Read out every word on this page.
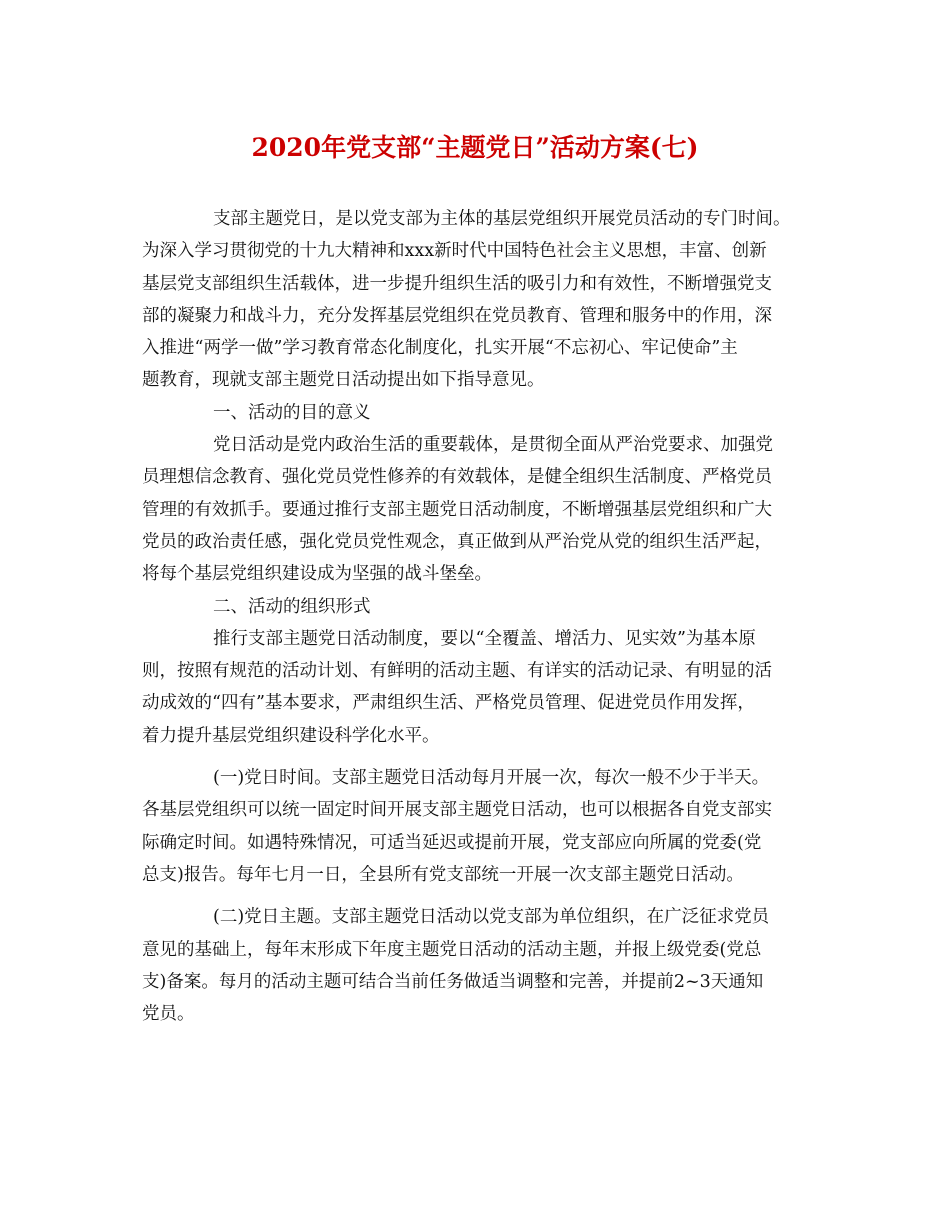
2020年党支部“主题党日”活动方案(七)
支部主题党日，是以党支部为主体的基层党组织开展党员活动的专门时间。
为深入学习贯彻党的十九大精神和xxx新时代中国特色社会主义思想，丰富、创新
基层党支部组织生活载体，进一步提升组织生活的吸引力和有效性，不断增强党支
部的凝聚力和战斗力，充分发挥基层党组织在党员教育、管理和服务中的作用，深
入推进“两学一做”学习教育常态化制度化，扎实开展“不忘初心、牢记使命”主
题教育，现就支部主题党日活动提出如下指导意见。
一、活动的目的意义
党日活动是党内政治生活的重要载体，是贯彻全面从严治党要求、加强党
员理想信念教育、强化党员党性修养的有效载体，是健全组织生活制度、严格党员
管理的有效抓手。要通过推行支部主题党日活动制度，不断增强基层党组织和广大
党员的政治责任感，强化党员党性观念，真正做到从严治党从党的组织生活严起，
将每个基层党组织建设成为坚强的战斗堡垒。
二、活动的组织形式
推行支部主题党日活动制度，要以“全覆盖、增活力、见实效”为基本原
则，按照有规范的活动计划、有鲜明的活动主题、有详实的活动记录、有明显的活
动成效的“四有”基本要求，严肃组织生活、严格党员管理、促进党员作用发挥，
着力提升基层党组织建设科学化水平。
(一)党日时间。支部主题党日活动每月开展一次，每次一般不少于半天。
各基层党组织可以统一固定时间开展支部主题党日活动，也可以根据各自党支部实
际确定时间。如遇特殊情况，可适当延迟或提前开展，党支部应向所属的党委(党
总支)报告。每年七月一日，全县所有党支部统一开展一次支部主题党日活动。
(二)党日主题。支部主题党日活动以党支部为单位组织，在广泛征求党员
意见的基础上，每年末形成下年度主题党日活动的活动主题，并报上级党委(党总
支)备案。每月的活动主题可结合当前任务做适当调整和完善，并提前2~3天通知
党员。
